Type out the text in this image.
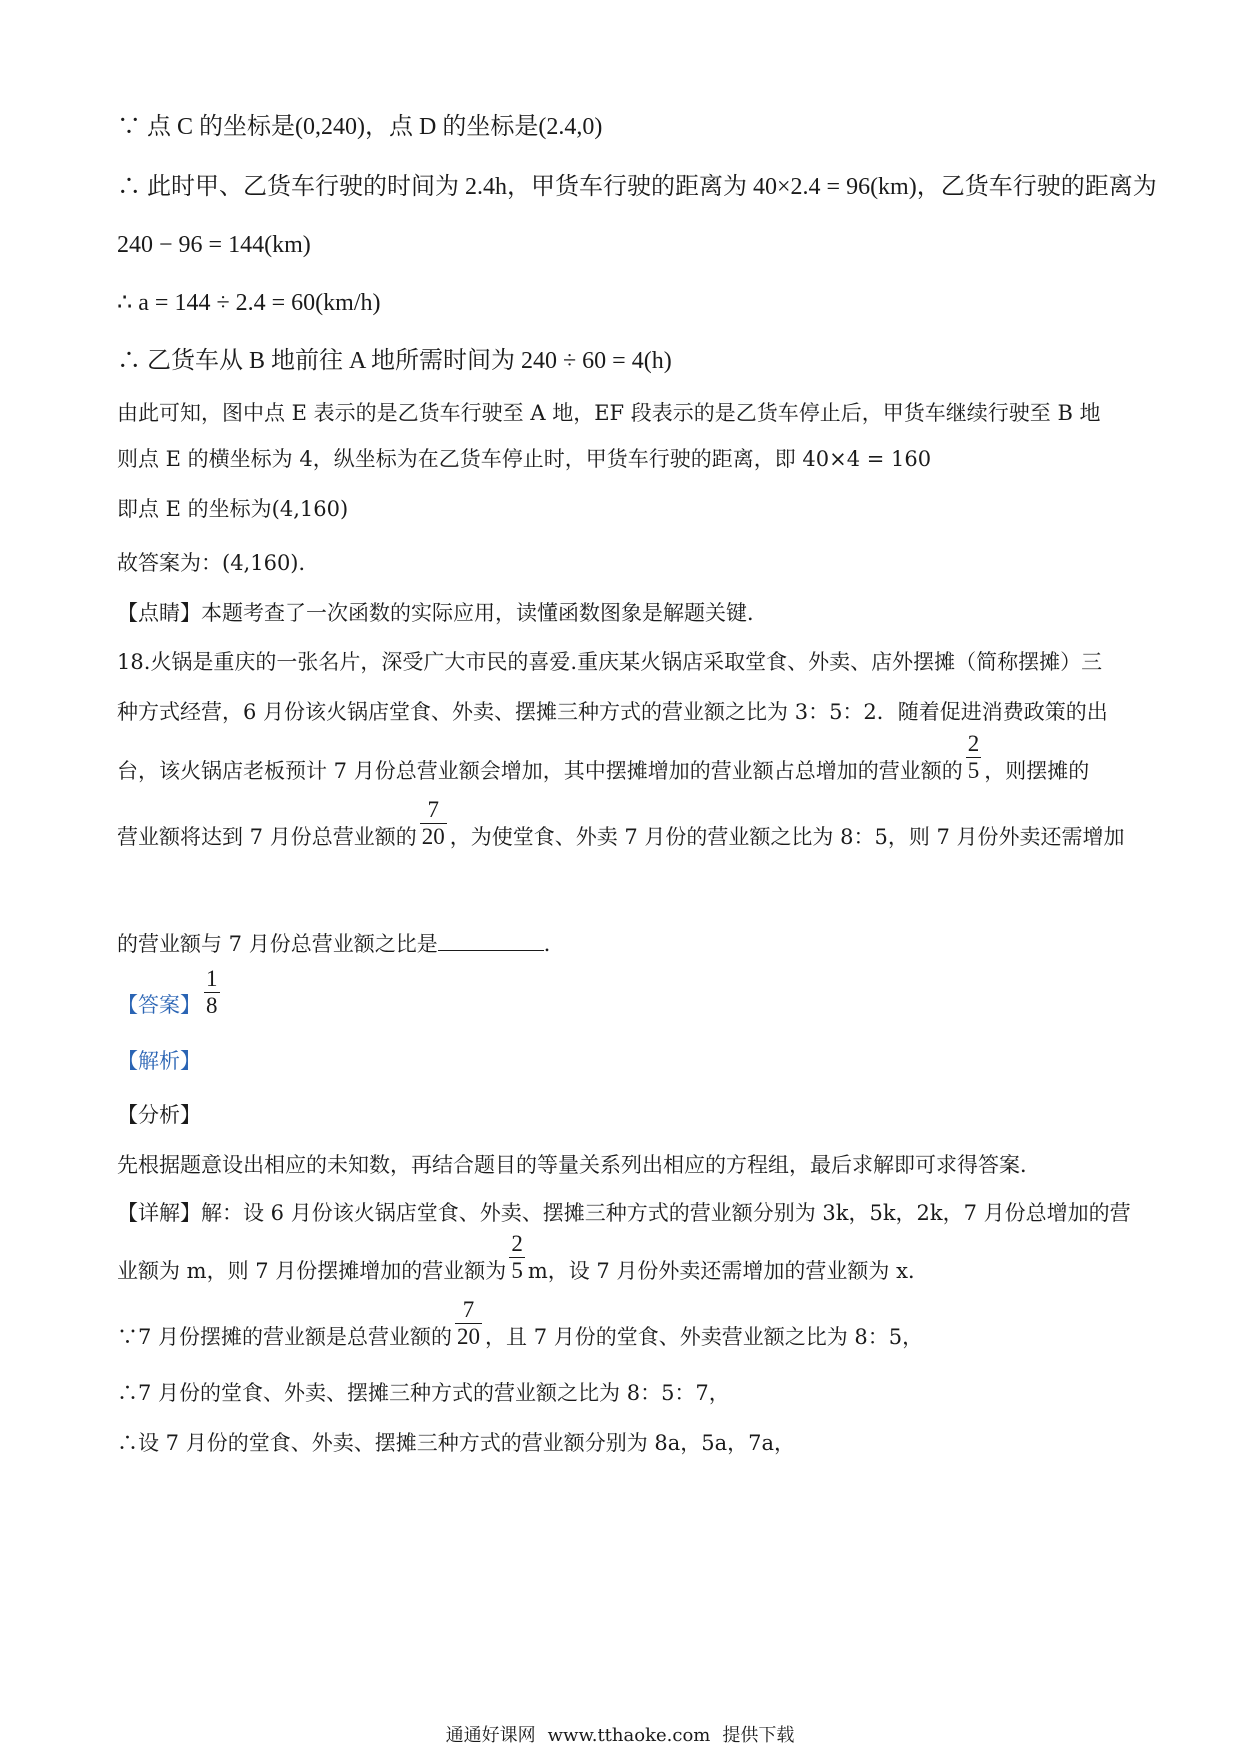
∵ 点 C 的坐标是(0,240)，点 D 的坐标是(2.4,0)
∴ 此时甲、乙货车行驶的时间为 2.4h，甲货车行驶的距离为 40×2.4 = 96(km)，乙货车行驶的距离为
240 − 96 = 144(km)
∴ a = 144 ÷ 2.4 = 60(km/h)
∴ 乙货车从 B 地前往 A 地所需时间为 240 ÷ 60 = 4(h)
由此可知，图中点 E 表示的是乙货车行驶至 A 地，EF 段表示的是乙货车停止后，甲货车继续行驶至 B 地
则点 E 的横坐标为 4，纵坐标为在乙货车停止时，甲货车行驶的距离，即 40×4 = 160
即点 E 的坐标为(4,160)
故答案为：(4,160)．
【点睛】本题考查了一次函数的实际应用，读懂函数图象是解题关键．
18.火锅是重庆的一张名片，深受广大市民的喜爱.重庆某火锅店采取堂食、外卖、店外摆摊（简称摆摊）三
种方式经营，6 月份该火锅店堂食、外卖、摆摊三种方式的营业额之比为 3：5：2．随着促进消费政策的出
台，该火锅店老板预计 7 月份总营业额会增加，其中摆摊增加的营业额占总增加的营业额的 $\frac{2}{5}$ ，则摆摊的
营业额将达到 7 月份总营业额的 $\frac{7}{20}$ ，为使堂食、外卖 7 月份的营业额之比为 8：5，则 7 月份外卖还需增加
的营业额与 7 月份总营业额之比是	．
【答案】 $\frac{1}{8}$
【解析】
【分析】
先根据题意设出相应的未知数，再结合题目的等量关系列出相应的方程组，最后求解即可求得答案．
【详解】解：设 6 月份该火锅店堂食、外卖、摆摊三种方式的营业额分别为 3k，5k，2k，7 月份总增加的营
业额为 m，则 7 月份摆摊增加的营业额为 $\frac{2}{5}$ m，设 7 月份外卖还需增加的营业额为 x．
∵7 月份摆摊的营业额是总营业额的 $\frac{7}{20}$ ，且 7 月份的堂食、外卖营业额之比为 8：5，
∴7 月份的堂食、外卖、摆摊三种方式的营业额之比为 8：5：7，
∴设 7 月份的堂食、外卖、摆摊三种方式的营业额分别为 8a，5a，7a，
通通好课网 www.tthaoke.com 提供下载
